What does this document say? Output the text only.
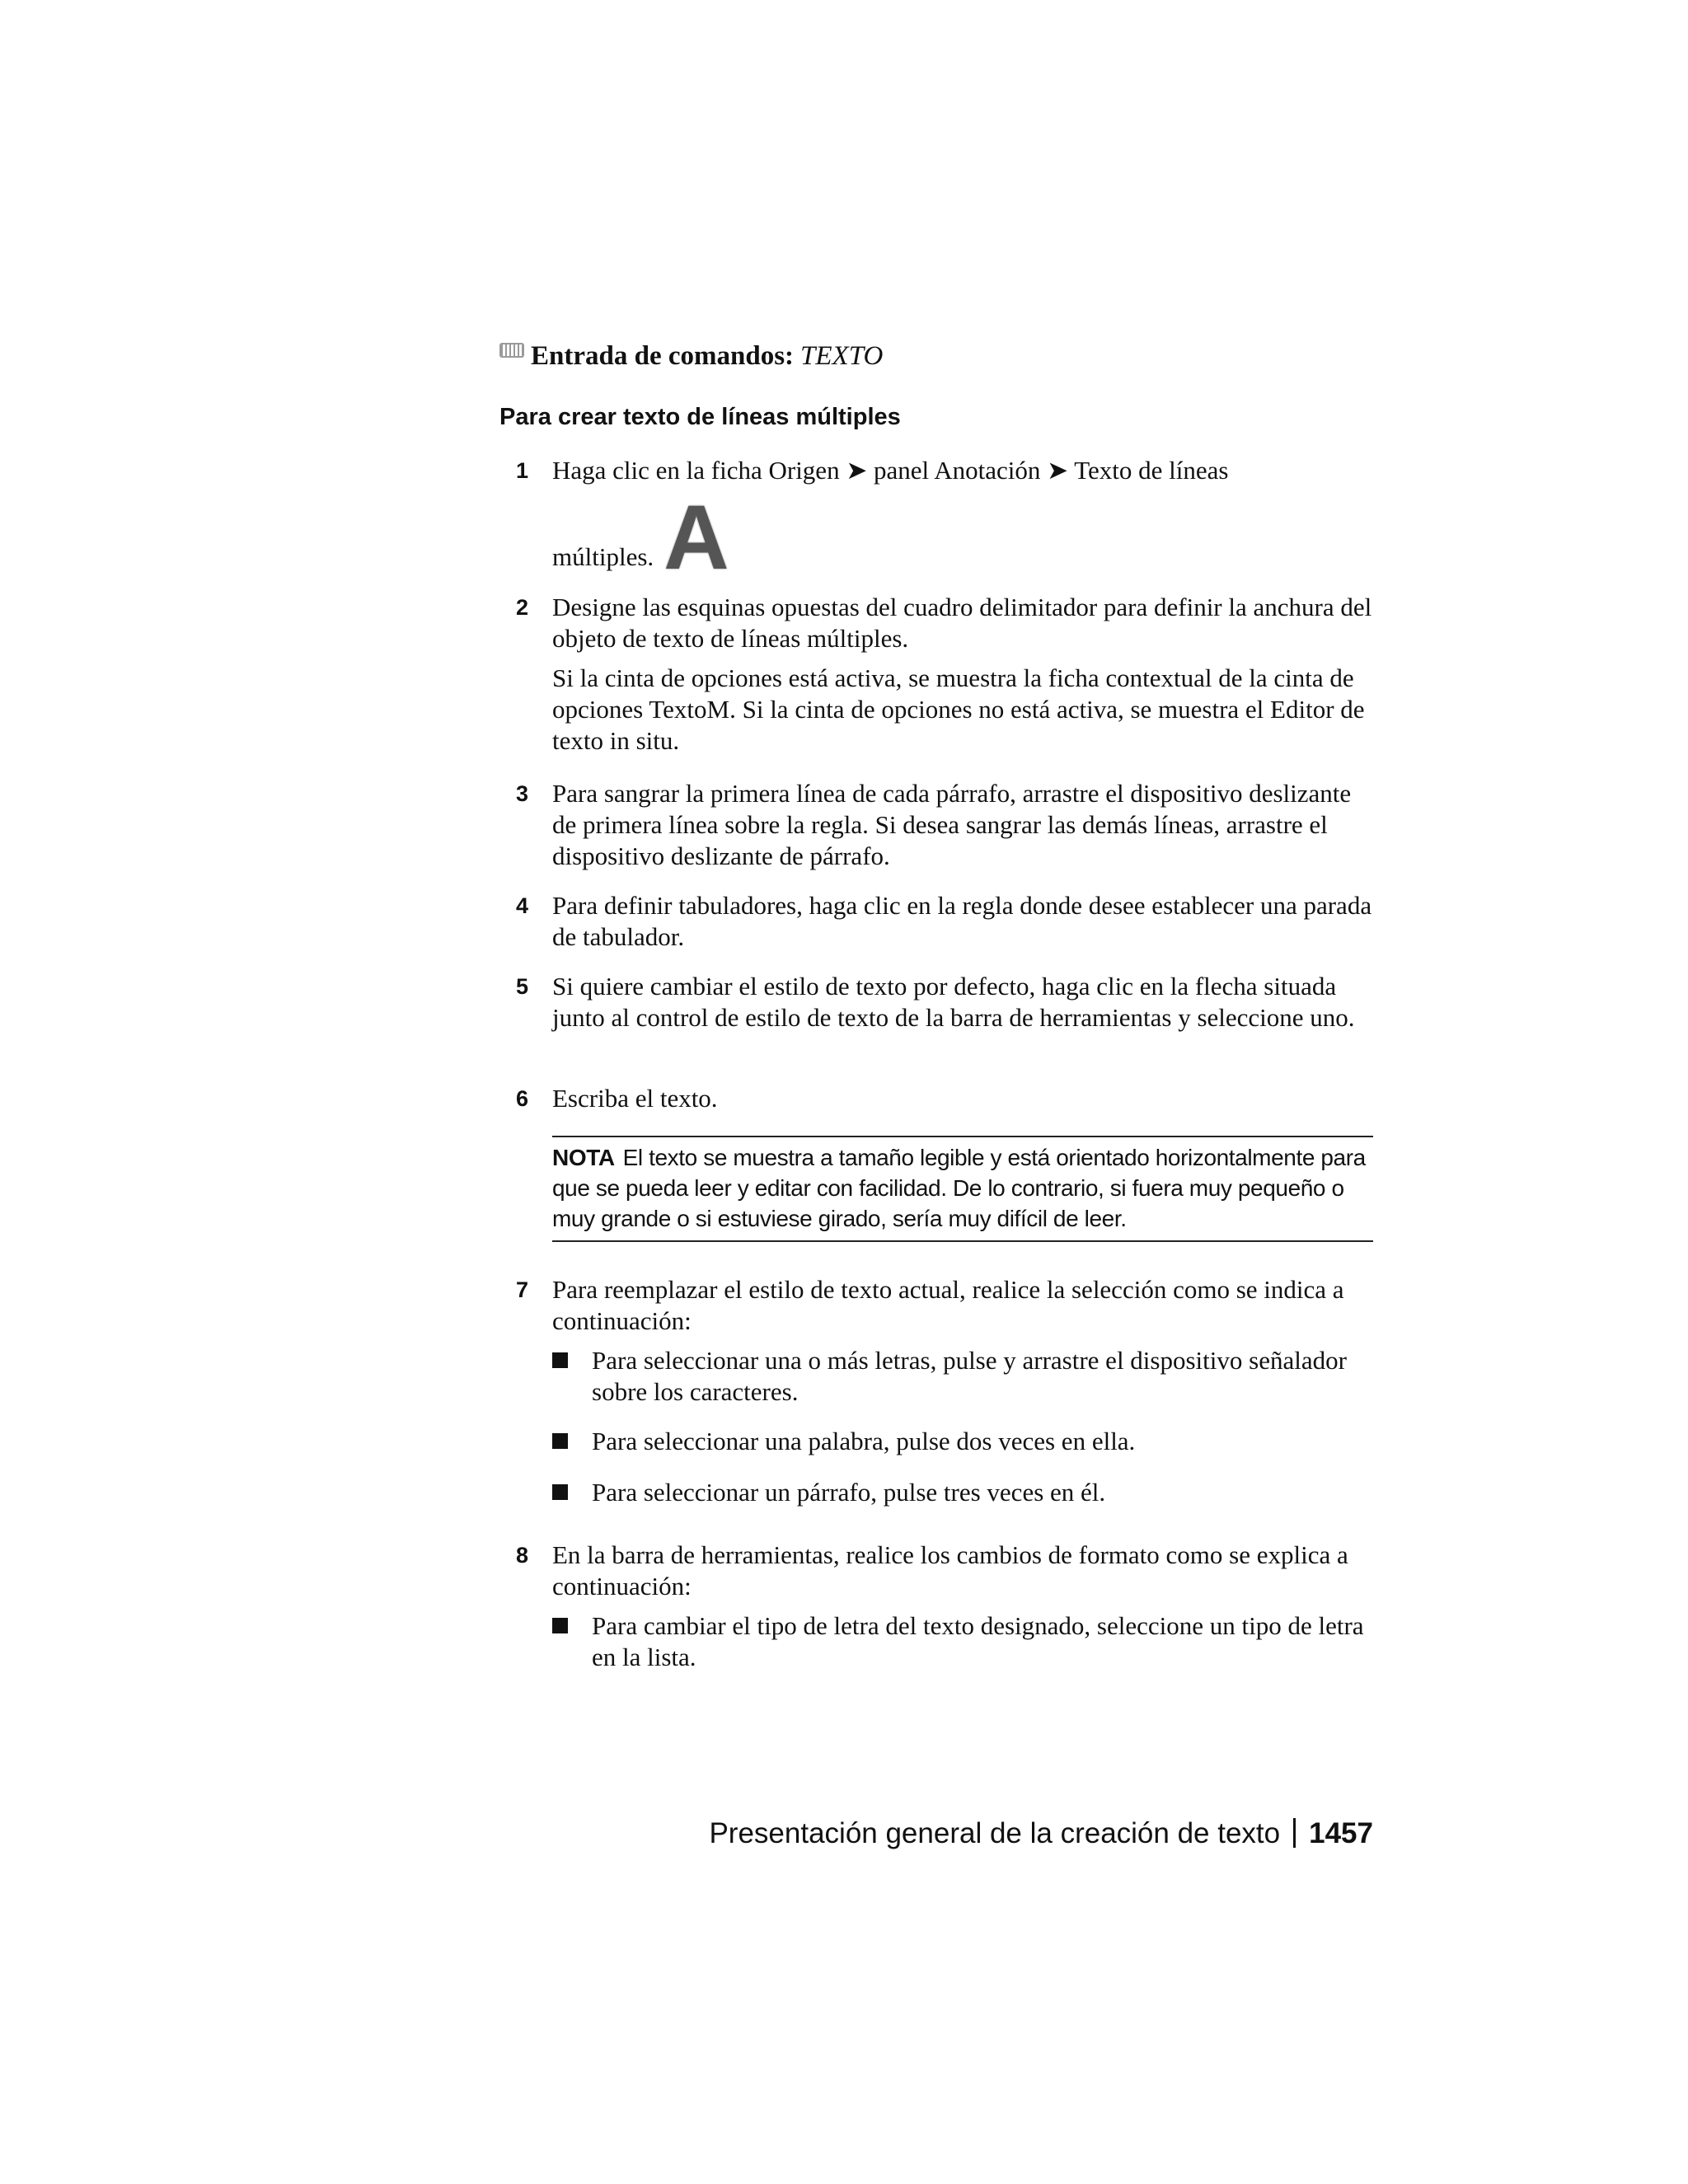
Entrada de comandos: TEXTO
Para crear texto de líneas múltiples
1 Haga clic en la ficha Origen ➤ panel Anotación ➤ Texto de líneas

múltiples. A

2 Designe las esquinas opuestas del cuadro delimitador para definir la anchura del objeto de texto de líneas múltiples.

Si la cinta de opciones está activa, se muestra la ficha contextual de la cinta de opciones TextoM. Si la cinta de opciones no está activa, se muestra el Editor de texto in situ.

3 Para sangrar la primera línea de cada párrafo, arrastre el dispositivo deslizante de primera línea sobre la regla. Si desea sangrar las demás líneas, arrastre el dispositivo deslizante de párrafo.

4 Para definir tabuladores, haga clic en la regla donde desee establecer una parada de tabulador.

5 Si quiere cambiar el estilo de texto por defecto, haga clic en la flecha situada junto al control de estilo de texto de la barra de herramientas y seleccione uno.

6 Escriba el texto.

NOTA El texto se muestra a tamaño legible y está orientado horizontalmente para que se pueda leer y editar con facilidad. De lo contrario, si fuera muy pequeño o muy grande o si estuviese girado, sería muy difícil de leer.

7 Para reemplazar el estilo de texto actual, realice la selección como se indica a continuación:

Para seleccionar una o más letras, pulse y arrastre el dispositivo señalador sobre los caracteres.

Para seleccionar una palabra, pulse dos veces en ella.

Para seleccionar un párrafo, pulse tres veces en él.

8 En la barra de herramientas, realice los cambios de formato como se explica a continuación:

Para cambiar el tipo de letra del texto designado, seleccione un tipo de letra en la lista.

Presentación general de la creación de texto 1457
